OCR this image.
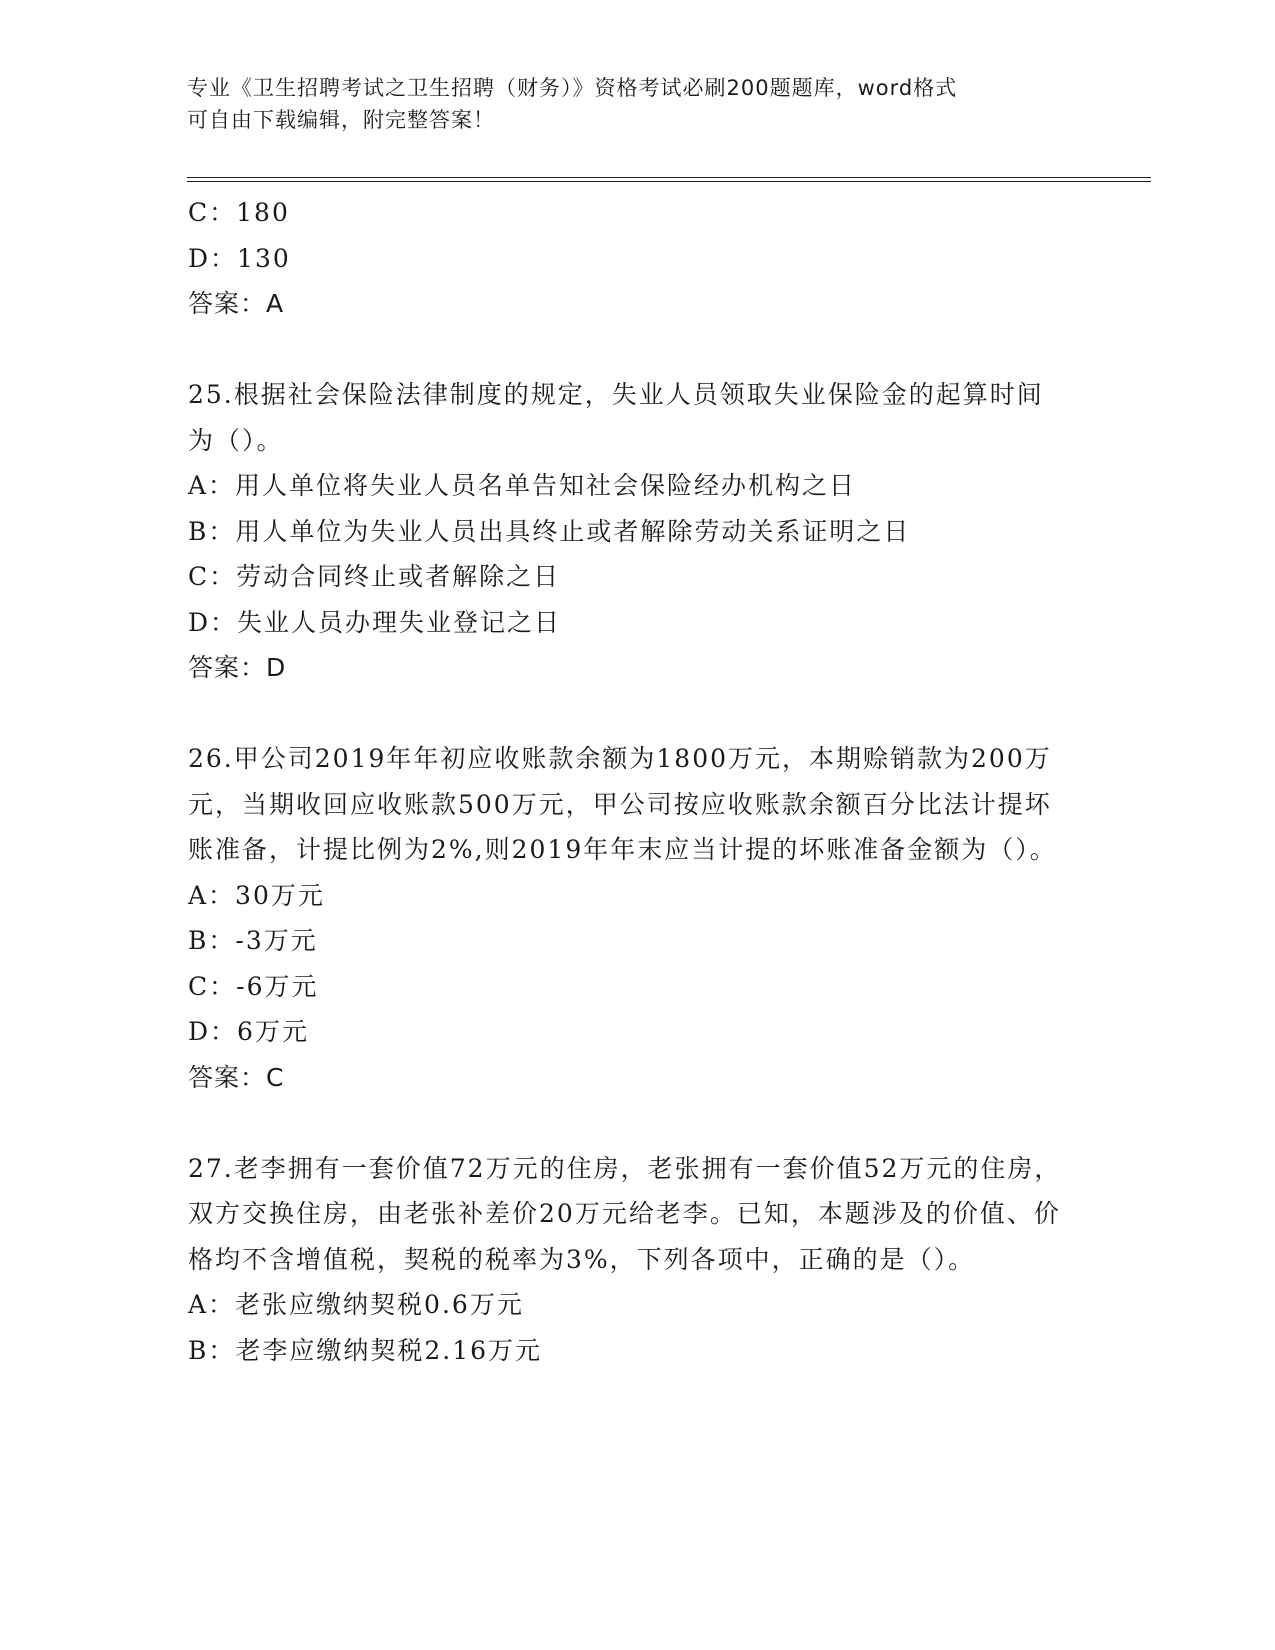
专业《卫生招聘考试之卫生招聘（财务）》资格考试必刷200题题库，word格式
可自由下载编辑，附完整答案！

C：180

D：130

答案：A

25.根据社会保险法律制度的规定，失业人员领取失业保险金的起算时间为（）。

A：用人单位将失业人员名单告知社会保险经办机构之日

B：用人单位为失业人员出具终止或者解除劳动关系证明之日

C：劳动合同终止或者解除之日

D：失业人员办理失业登记之日

答案：D

26.甲公司2019年年初应收账款余额为1800万元，本期赊销款为200万元，当期收回应收账款500万元，甲公司按应收账款余额百分比法计提坏账准备，计提比例为2%,则2019年年末应当计提的坏账准备金额为（）。

A：30万元

B：-3万元

C：-6万元

D：6万元

答案：C

27.老李拥有一套价值72万元的住房，老张拥有一套价值52万元的住房，双方交换住房，由老张补差价20万元给老李。已知，本题涉及的价值、价格均不含增值税，契税的税率为3%，下列各项中，正确的是（）。

A：老张应缴纳契税0.6万元

B：老李应缴纳契税2.16万元
